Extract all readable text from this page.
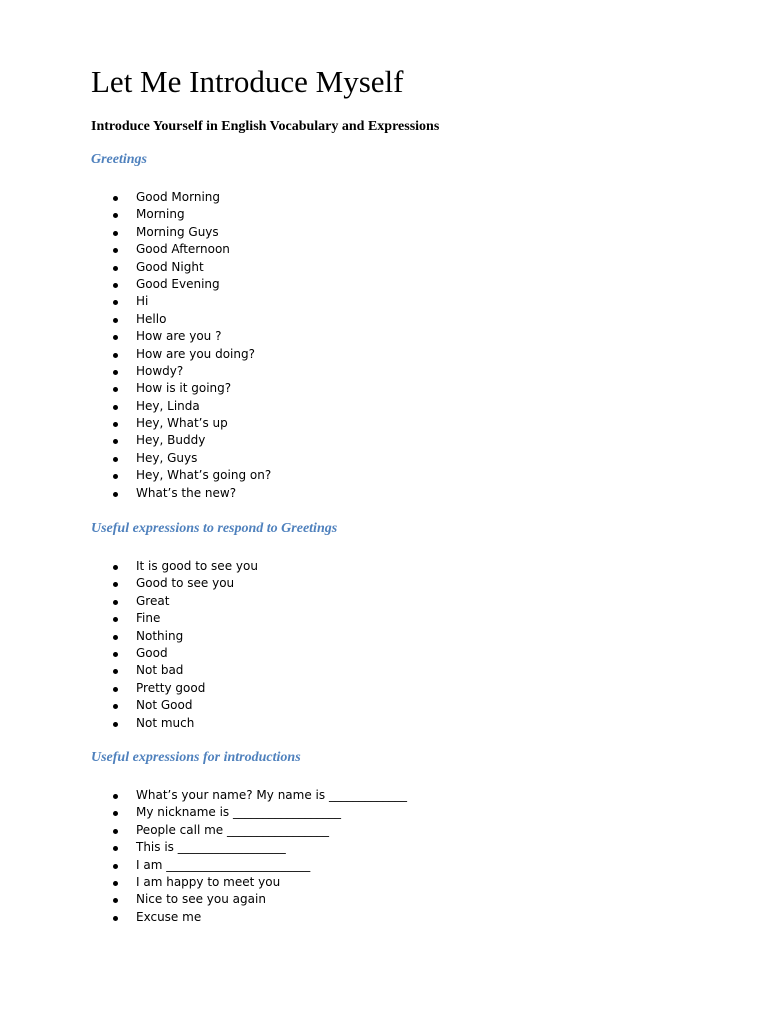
Let Me Introduce Myself
Introduce Yourself in English Vocabulary and Expressions
Greetings
Good Morning
Morning
Morning Guys
Good Afternoon
Good Night
Good Evening
Hi
Hello
How are you ?
How are you doing?
Howdy?
How is it going?
Hey, Linda
Hey, What’s up
Hey, Buddy
Hey, Guys
Hey, What’s going on?
What’s the new?
Useful expressions to respond to Greetings
It is good to see you
Good to see you
Great
Fine
Nothing
Good
Not bad
Pretty good
Not Good
Not much
Useful expressions for introductions
What’s your name? My name is _____________
My nickname is __________________
People call me _________________
This is __________________
I am ________________________
I am happy to meet you
Nice to see you again
Excuse me
